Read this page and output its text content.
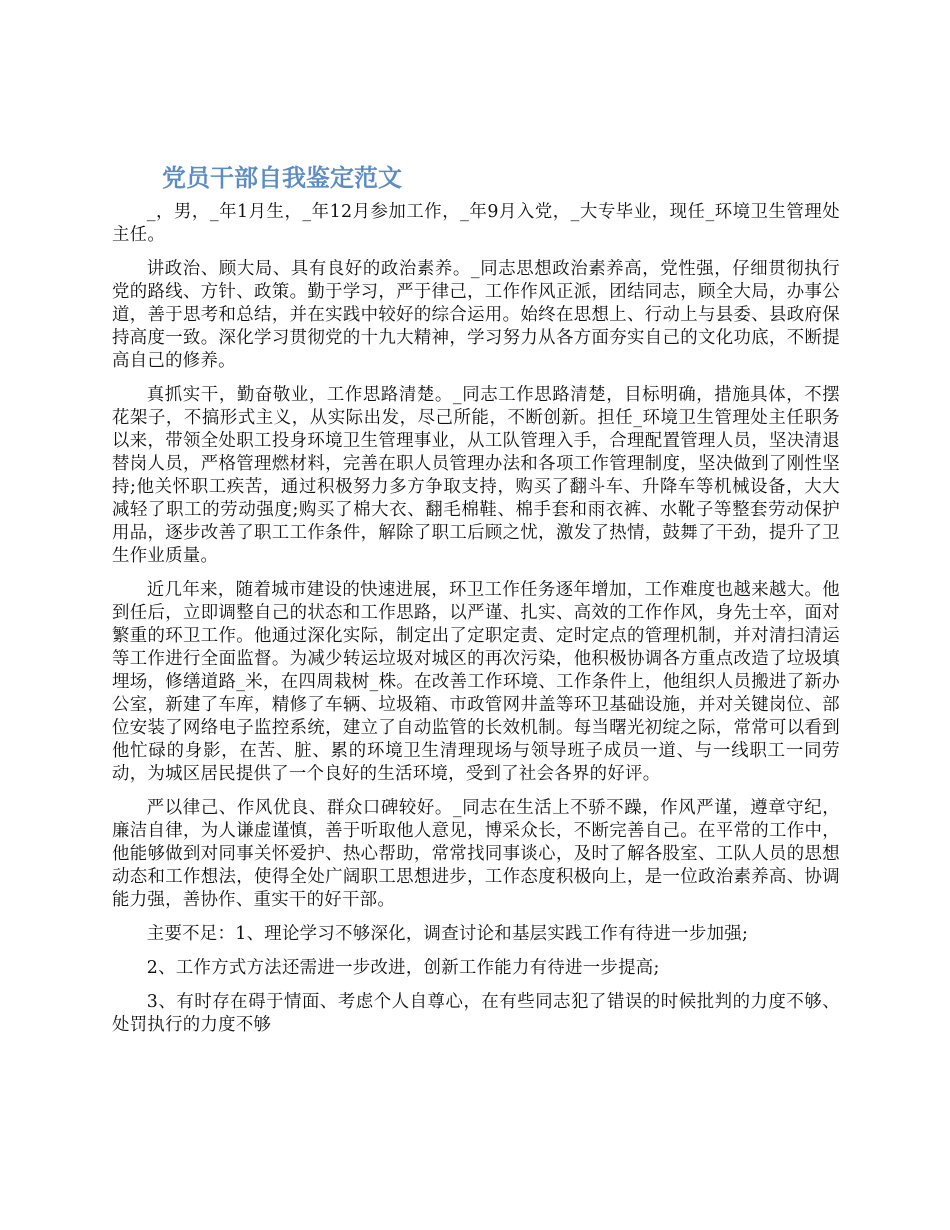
党员干部自我鉴定范文

_，男，_年1月生，_年12月参加工作，_年9月入党，_大专毕业，现任_环境卫生管理处主任。

讲政治、顾大局、具有良好的政治素养。_同志思想政治素养高，党性强，仔细贯彻执行党的路线、方针、政策。勤于学习，严于律己，工作作风正派，团结同志，顾全大局，办事公道，善于思考和总结，并在实践中较好的综合运用。始终在思想上、行动上与县委、县政府保持高度一致。深化学习贯彻党的十九大精神，学习努力从各方面夯实自己的文化功底，不断提高自己的修养。

真抓实干，勤奋敬业，工作思路清楚。_同志工作思路清楚，目标明确，措施具体，不摆花架子，不搞形式主义，从实际出发，尽己所能，不断创新。担任_环境卫生管理处主任职务以来，带领全处职工投身环境卫生管理事业，从工队管理入手，合理配置管理人员，坚决清退替岗人员，严格管理燃材料，完善在职人员管理办法和各项工作管理制度，坚决做到了刚性坚持;他关怀职工疾苦，通过积极努力多方争取支持，购买了翻斗车、升降车等机械设备，大大减轻了职工的劳动强度;购买了棉大衣、翻毛棉鞋、棉手套和雨衣裤、水靴子等整套劳动保护用品，逐步改善了职工工作条件，解除了职工后顾之忧，激发了热情，鼓舞了干劲，提升了卫生作业质量。

近几年来，随着城市建设的快速进展，环卫工作任务逐年增加，工作难度也越来越大。他到任后，立即调整自己的状态和工作思路，以严谨、扎实、高效的工作作风，身先士卒，面对繁重的环卫工作。他通过深化实际，制定出了定职定责、定时定点的管理机制，并对清扫清运等工作进行全面监督。为减少转运垃圾对城区的再次污染，他积极协调各方重点改造了垃圾填埋场，修缮道路_米，在四周栽树_株。在改善工作环境、工作条件上，他组织人员搬进了新办公室，新建了车库，精修了车辆、垃圾箱、市政管网井盖等环卫基础设施，并对关键岗位、部位安装了网络电子监控系统，建立了自动监管的长效机制。每当曙光初绽之际，常常可以看到他忙碌的身影，在苦、脏、累的环境卫生清理现场与领导班子成员一道、与一线职工一同劳动，为城区居民提供了一个良好的生活环境，受到了社会各界的好评。

严以律己、作风优良、群众口碑较好。_同志在生活上不骄不躁，作风严谨，遵章守纪，廉洁自律，为人谦虚谨慎，善于听取他人意见，博采众长，不断完善自己。在平常的工作中，他能够做到对同事关怀爱护、热心帮助，常常找同事谈心，及时了解各股室、工队人员的思想动态和工作想法，使得全处广阔职工思想进步，工作态度积极向上，是一位政治素养高、协调能力强，善协作、重实干的好干部。

主要不足：1、理论学习不够深化，调查讨论和基层实践工作有待进一步加强;

2、工作方式方法还需进一步改进，创新工作能力有待进一步提高;

3、有时存在碍于情面、考虑个人自尊心，在有些同志犯了错误的时候批判的力度不够、处罚执行的力度不够
